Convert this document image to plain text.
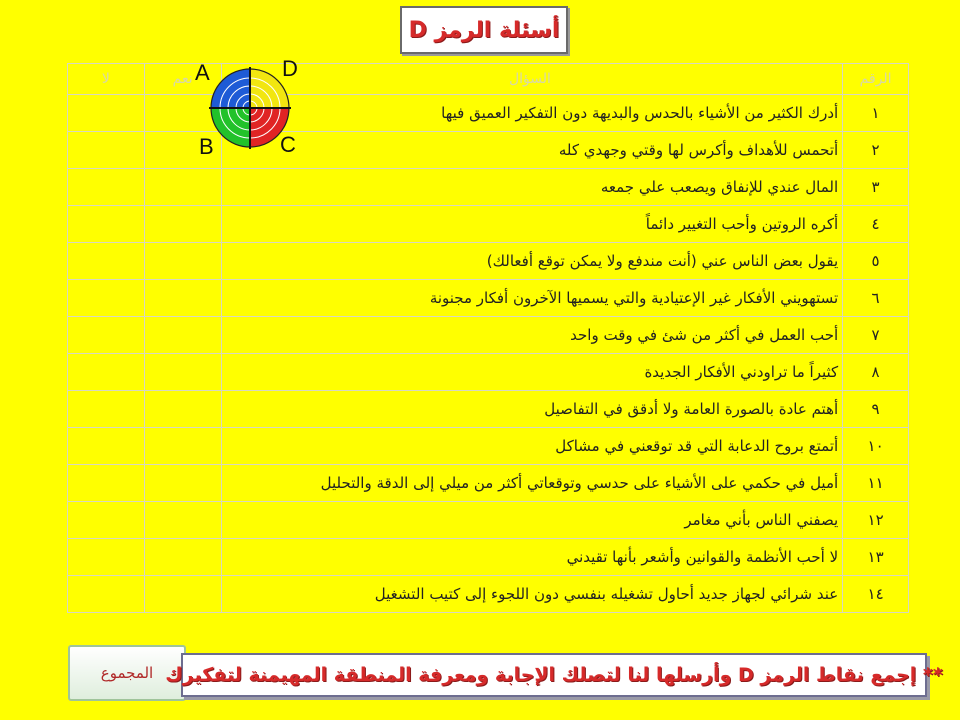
أسئلة الرمز D
الرقم	السؤال	نعم	لا
١	أدرك الكثير من الأشياء بالحدس والبديهة دون التفكير العميق فيها		
٢	أتحمس للأهداف وأكرس لها وقتي وجهدي كله		
٣	المال عندي للإنفاق ويصعب علي جمعه		
٤	أكره الروتين وأحب التغيير دائماً		
٥	يقول بعض الناس عني (أنت مندفع ولا يمكن توقع أفعالك)		
٦	تستهويني الأفكار غير الإعتيادية والتي يسميها الآخرون أفكار مجنونة		
٧	أحب العمل في أكثر من شئ في وقت واحد		
٨	كثيراً ما تراودني الأفكار الجديدة		
٩	أهتم عادة بالصورة العامة ولا أدقق في التفاصيل		
١٠	أتمتع بروح الدعابة التي قد توقعني في مشاكل		
١١	أميل في حكمي على الأشياء على حدسي وتوقعاتي أكثر من ميلي إلى الدقة والتحليل		
١٢	يصفني الناس بأني مغامر		
١٣	لا أحب الأنظمة والقوانين وأشعر بأنها تقيدني		
١٤	عند شرائي لجهاز جديد أحاول تشغيله بنفسي دون اللجوء إلى كتيب التشغيل		
A	D
B	C
المجموع ** إجمع نقاط الرمز D وأرسلها لنا لتصلك الإجابة ومعرفة المنطقة المهيمنة لتفكيرك
